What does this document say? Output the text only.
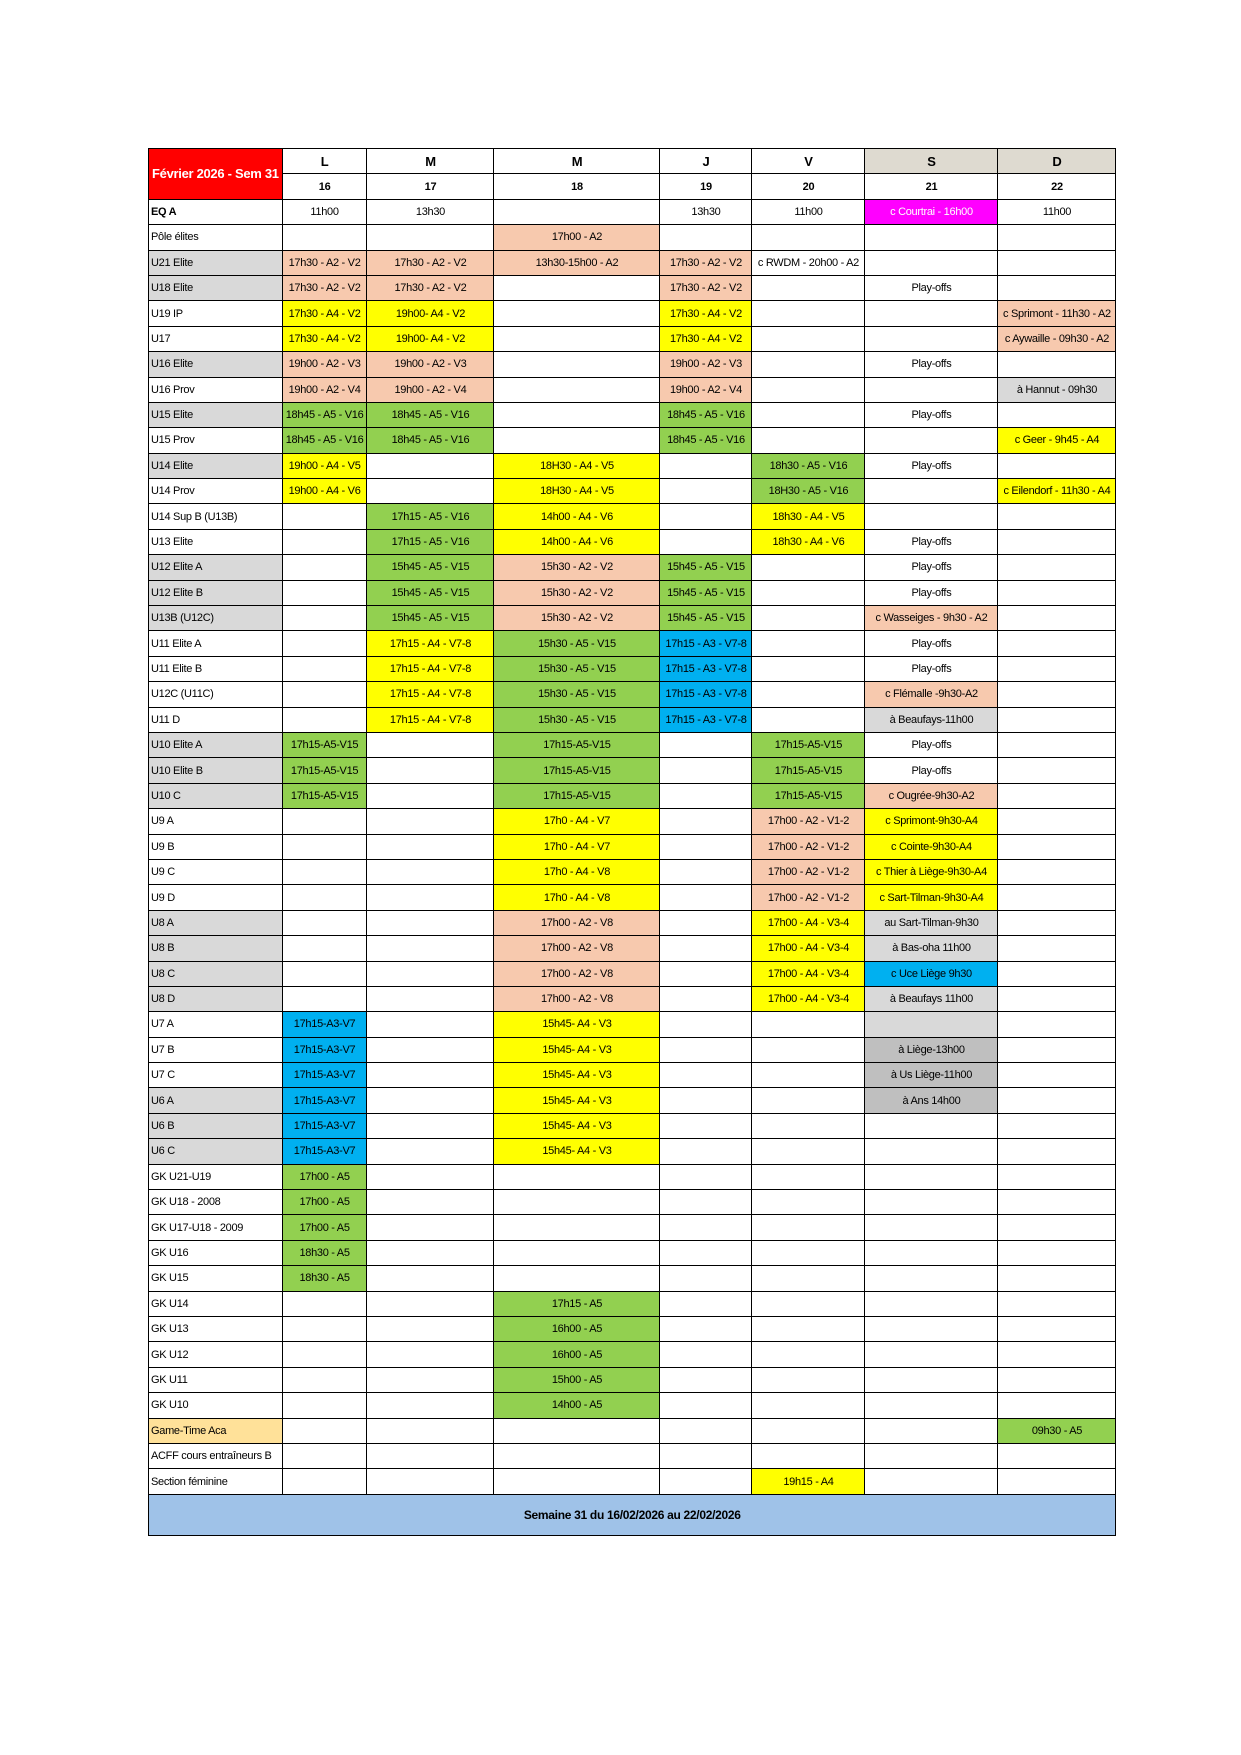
Février 2026 - Sem 31	L	M	M	J	V	S	D
	16	17	18	19	20	21	22
EQ A	11h00	13h30		13h30	11h00	c Courtrai - 16h00	11h00
Pôle élites			17h00 - A2				
U21 Elite	17h30 - A2 - V2	17h30 - A2 - V2	13h30-15h00 - A2	17h30 - A2 - V2	c RWDM - 20h00 - A2		
U18 Elite	17h30 - A2 - V2	17h30 - A2 - V2		17h30 - A2 - V2		Play-offs	
U19 IP	17h30 - A4 - V2	19h00- A4 - V2		17h30 - A4 - V2			c Sprimont - 11h30 - A2
U17	17h30 - A4 - V2	19h00- A4 - V2		17h30 - A4 - V2			c Aywaille - 09h30 - A2
U16 Elite	19h00 - A2 - V3	19h00 - A2 - V3		19h00 - A2 - V3		Play-offs	
U16 Prov	19h00 - A2 - V4	19h00 - A2 - V4		19h00 - A2 - V4			à Hannut - 09h30
U15 Elite	18h45 - A5 - V16	18h45 - A5 - V16		18h45 - A5 - V16		Play-offs	
U15 Prov	18h45 - A5 - V16	18h45 - A5 - V16		18h45 - A5 - V16			c Geer - 9h45 - A4
U14 Elite	19h00 - A4 - V5		18H30 - A4 - V5		18h30 - A5 - V16	Play-offs	
U14 Prov	19h00 - A4 - V6		18H30 - A4 - V5		18H30 - A5 - V16		c Eilendorf - 11h30 - A4
U14 Sup B (U13B)		17h15 - A5 - V16	14h00 - A4 - V6		18h30 - A4 - V5		
U13 Elite		17h15 - A5 - V16	14h00 - A4 - V6		18h30 - A4 - V6	Play-offs	
U12 Elite A		15h45 - A5 - V15	15h30 - A2 - V2	15h45 - A5 - V15		Play-offs	
U12 Elite B		15h45 - A5 - V15	15h30 - A2 - V2	15h45 - A5 - V15		Play-offs	
U13B (U12C)		15h45 - A5 - V15	15h30 - A2 - V2	15h45 - A5 - V15		c Wasseiges - 9h30 - A2	
U11 Elite A		17h15 - A4 - V7-8	15h30 - A5 - V15	17h15 - A3 - V7-8		Play-offs	
U11 Elite B		17h15 - A4 - V7-8	15h30 - A5 - V15	17h15 - A3 - V7-8		Play-offs	
U12C (U11C)		17h15 - A4 - V7-8	15h30 - A5 - V15	17h15 - A3 - V7-8		c Flémalle -9h30-A2	
U11 D		17h15 - A4 - V7-8	15h30 - A5 - V15	17h15 - A3 - V7-8		à Beaufays-11h00	
U10 Elite A	17h15-A5-V15		17h15-A5-V15		17h15-A5-V15	Play-offs	
U10 Elite B	17h15-A5-V15		17h15-A5-V15		17h15-A5-V15	Play-offs	
U10 C	17h15-A5-V15		17h15-A5-V15		17h15-A5-V15	c Ougrée-9h30-A2	
U9 A			17h0 - A4 - V7		17h00 - A2 - V1-2	c Sprimont-9h30-A4	
U9 B			17h0 - A4 - V7		17h00 - A2 - V1-2	c Cointe-9h30-A4	
U9 C			17h0 - A4 - V8		17h00 - A2 - V1-2	c Thier à Liège-9h30-A4	
U9 D			17h0 - A4 - V8		17h00 - A2 - V1-2	c Sart-Tilman-9h30-A4	
U8 A			17h00 - A2 - V8		17h00 - A4 - V3-4	au Sart-Tilman-9h30	
U8 B			17h00 - A2 - V8		17h00 - A4 - V3-4	à Bas-oha 11h00	
U8 C			17h00 - A2 - V8		17h00 - A4 - V3-4	c Uce Liège 9h30	
U8 D			17h00 - A2 - V8		17h00 - A4 - V3-4	à Beaufays 11h00	
U7 A	17h15-A3-V7		15h45- A4 - V3				
U7 B	17h15-A3-V7		15h45- A4 - V3			à Liège-13h00	
U7 C	17h15-A3-V7		15h45- A4 - V3			à Us Liège-11h00	
U6 A	17h15-A3-V7		15h45- A4 - V3			à Ans 14h00	
U6 B	17h15-A3-V7		15h45- A4 - V3				
U6 C	17h15-A3-V7		15h45- A4 - V3				
GK U21-U19	17h00 - A5						
GK U18 - 2008	17h00 - A5						
GK U17-U18 - 2009	17h00 - A5						
GK U16	18h30 - A5						
GK U15	18h30 - A5						
GK U14			17h15 - A5				
GK U13			16h00 - A5				
GK U12			16h00 - A5				
GK U11			15h00 - A5				
GK U10			14h00 - A5				
Game-Time Aca							09h30 - A5
ACFF cours entraîneurs B							
Section féminine					19h15 - A4		
Semaine 31 du 16/02/2026 au 22/02/2026							
